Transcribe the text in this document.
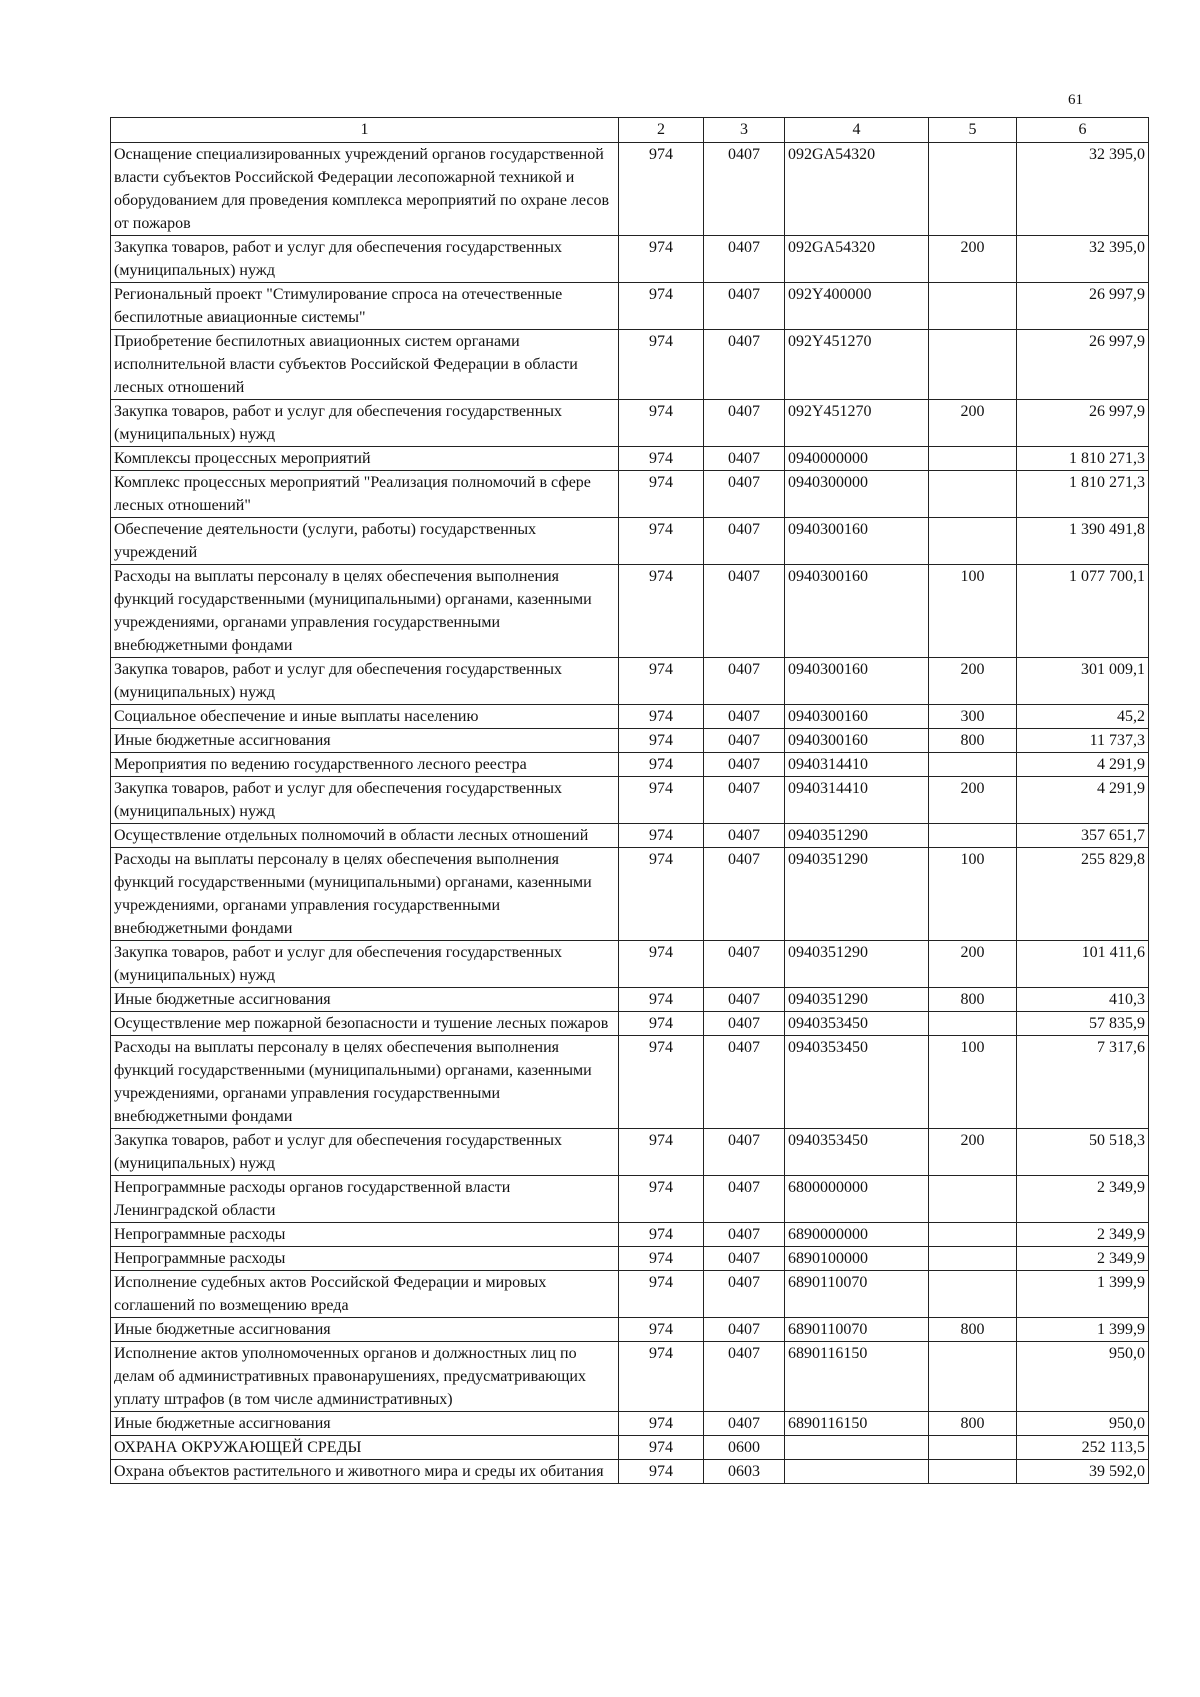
61
1	2	3	4	5	6
Оснащение специализированных учреждений органов государственной власти субъектов Российской Федерации лесопожарной техникой и оборудованием для проведения комплекса мероприятий по охране лесов от пожаров	974	0407	092GA54320		32 395,0
Закупка товаров, работ и услуг для обеспечения государственных (муниципальных) нужд	974	0407	092GA54320	200	32 395,0
Региональный проект "Стимулирование спроса на отечественные беспилотные авиационные системы"	974	0407	092Y400000		26 997,9
Приобретение беспилотных авиационных систем органами исполнительной власти субъектов Российской Федерации в области лесных отношений	974	0407	092Y451270		26 997,9
Закупка товаров, работ и услуг для обеспечения государственных (муниципальных) нужд	974	0407	092Y451270	200	26 997,9
Комплексы процессных мероприятий	974	0407	0940000000		1 810 271,3
Комплекс процессных мероприятий "Реализация полномочий в сфере лесных отношений"	974	0407	0940300000		1 810 271,3
Обеспечение деятельности (услуги, работы) государственных учреждений	974	0407	0940300160		1 390 491,8
Расходы на выплаты персоналу в целях обеспечения выполнения функций государственными (муниципальными) органами, казенными учреждениями, органами управления государственными внебюджетными фондами	974	0407	0940300160	100	1 077 700,1
Закупка товаров, работ и услуг для обеспечения государственных (муниципальных) нужд	974	0407	0940300160	200	301 009,1
Социальное обеспечение и иные выплаты населению	974	0407	0940300160	300	45,2
Иные бюджетные ассигнования	974	0407	0940300160	800	11 737,3
Мероприятия по ведению государственного лесного реестра	974	0407	0940314410		4 291,9
Закупка товаров, работ и услуг для обеспечения государственных (муниципальных) нужд	974	0407	0940314410	200	4 291,9
Осуществление отдельных полномочий в области лесных отношений	974	0407	0940351290		357 651,7
Расходы на выплаты персоналу в целях обеспечения выполнения функций государственными (муниципальными) органами, казенными учреждениями, органами управления государственными внебюджетными фондами	974	0407	0940351290	100	255 829,8
Закупка товаров, работ и услуг для обеспечения государственных (муниципальных) нужд	974	0407	0940351290	200	101 411,6
Иные бюджетные ассигнования	974	0407	0940351290	800	410,3
Осуществление мер пожарной безопасности и тушение лесных пожаров	974	0407	0940353450		57 835,9
Расходы на выплаты персоналу в целях обеспечения выполнения функций государственными (муниципальными) органами, казенными учреждениями, органами управления государственными внебюджетными фондами	974	0407	0940353450	100	7 317,6
Закупка товаров, работ и услуг для обеспечения государственных (муниципальных) нужд	974	0407	0940353450	200	50 518,3
Непрограммные расходы органов государственной власти Ленинградской области	974	0407	6800000000		2 349,9
Непрограммные расходы	974	0407	6890000000		2 349,9
Непрограммные расходы	974	0407	6890100000		2 349,9
Исполнение судебных актов Российской Федерации и мировых соглашений по возмещению вреда	974	0407	6890110070		1 399,9
Иные бюджетные ассигнования	974	0407	6890110070	800	1 399,9
Исполнение актов уполномоченных органов и должностных лиц по делам об административных правонарушениях, предусматривающих уплату штрафов (в том числе административных)	974	0407	6890116150		950,0
Иные бюджетные ассигнования	974	0407	6890116150	800	950,0
ОХРАНА ОКРУЖАЮЩЕЙ СРЕДЫ	974	0600			252 113,5
Охрана объектов растительного и животного мира и среды их обитания	974	0603			39 592,0
